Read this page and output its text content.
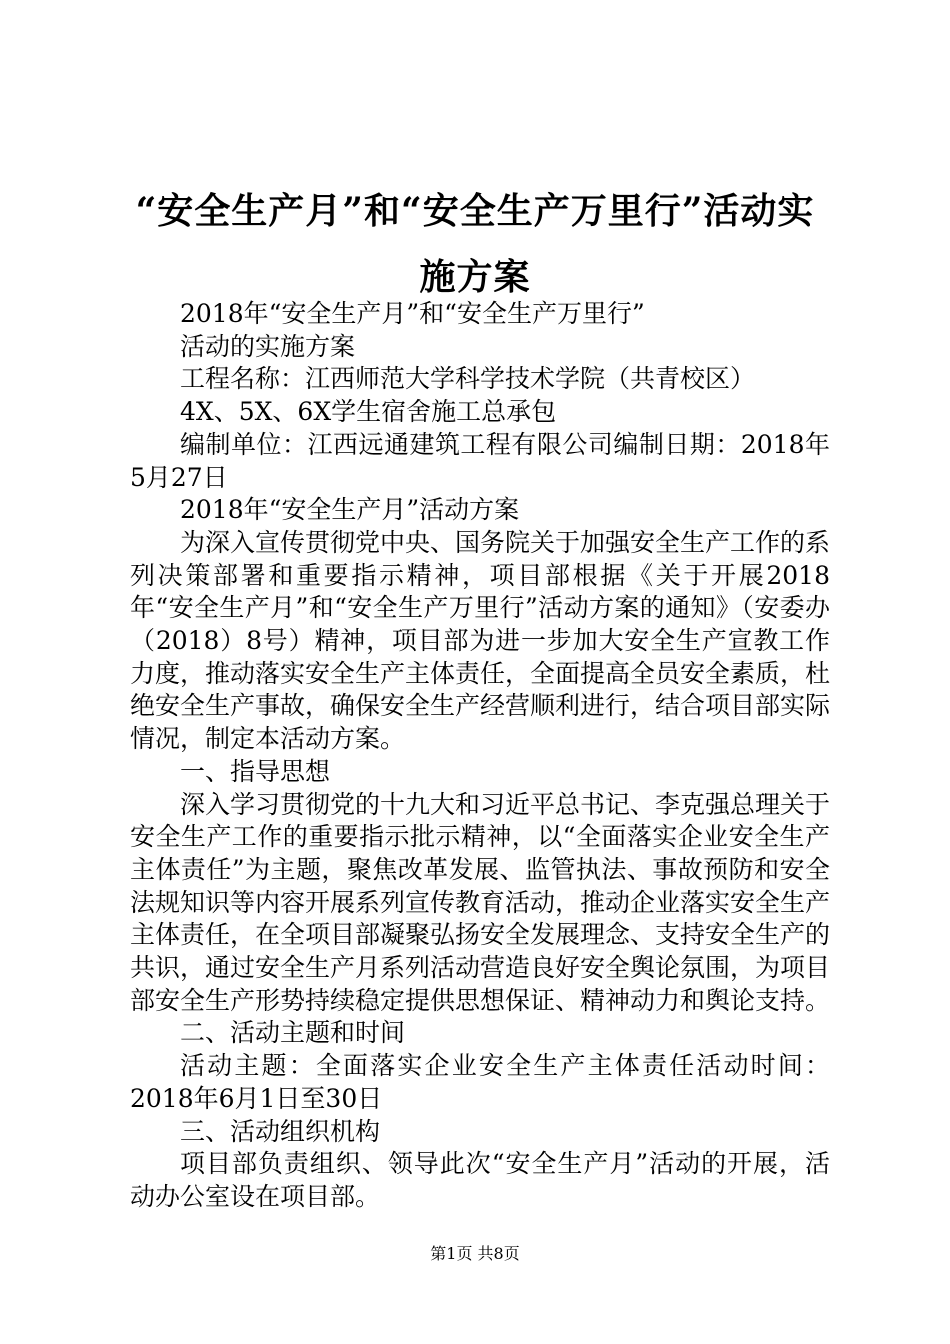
“安全生产月”和“安全生产万里行”活动实施方案

2018年“安全生产月”和“安全生产万里行”

活动的实施方案

工程名称：江西师范大学科学技术学院（共青校区）

4X、5X、6X学生宿舍施工总承包

编制单位：江西远通建筑工程有限公司编制日期：2018年5月27日

2018年“安全生产月”活动方案

为深入宣传贯彻党中央、国务院关于加强安全生产工作的系列决策部署和重要指示精神，项目部根据《关于开展2018年“安全生产月”和“安全生产万里行”活动方案的通知》（安委办（2018）8号）精神，项目部为进一步加大安全生产宣教工作力度，推动落实安全生产主体责任，全面提高全员安全素质，杜绝安全生产事故，确保安全生产经营顺利进行，结合项目部实际情况，制定本活动方案。

一、指导思想

深入学习贯彻党的十九大和习近平总书记、李克强总理关于安全生产工作的重要指示批示精神，以“全面落实企业安全生产主体责任”为主题，聚焦改革发展、监管执法、事故预防和安全法规知识等内容开展系列宣传教育活动，推动企业落实安全生产主体责任，在全项目部凝聚弘扬安全发展理念、支持安全生产的共识，通过安全生产月系列活动营造良好安全舆论氛围，为项目部安全生产形势持续稳定提供思想保证、精神动力和舆论支持。

二、活动主题和时间

活动主题：全面落实企业安全生产主体责任活动时间：2018年6月1日至30日

三、活动组织机构

项目部负责组织、领导此次“安全生产月”活动的开展，活动办公室设在项目部。

第1页 共8页
